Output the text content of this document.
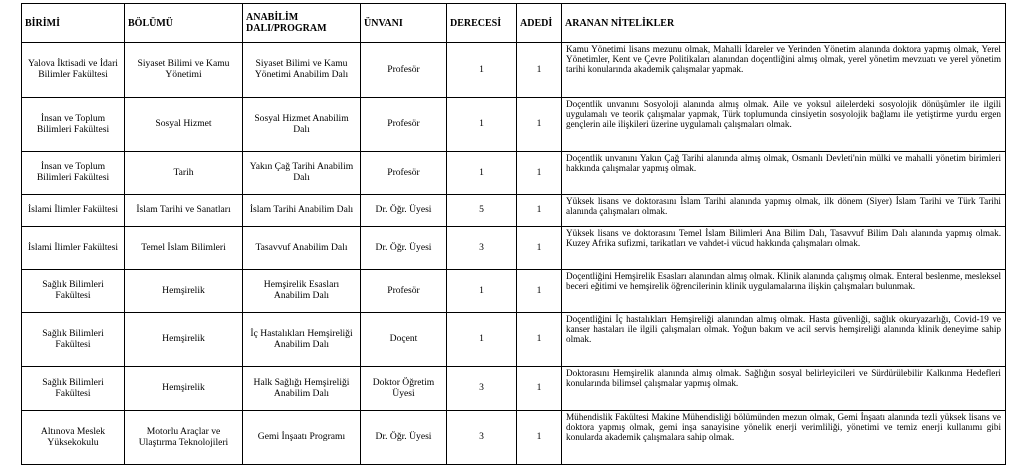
BİRİMİ	BÖLÜMÜ	ANABİLİM DALI/PROGRAM	ÜNVANI	DERECESİ	ADEDİ	ARANAN NİTELİKLER
Yalova İktisadi ve İdari Bilimler Fakültesi	Siyaset Bilimi ve Kamu Yönetimi	Siyaset Bilimi ve Kamu Yönetimi Anabilim Dalı	Profesör	1	1	Kamu Yönetimi lisans mezunu olmak, Mahalli İdareler ve Yerinden Yönetim alanında doktora yapmış olmak, Yerel Yönetimler, Kent ve Çevre Politikaları alanından doçentliğini almış olmak, yerel yönetim mevzuatı ve yerel yönetim tarihi konularında akademik çalışmalar yapmak.
İnsan ve Toplum Bilimleri Fakültesi	Sosyal Hizmet	Sosyal Hizmet Anabilim Dalı	Profesör	1	1	Doçentlik unvanını Sosyoloji alanında almış olmak. Aile ve yoksul ailelerdeki sosyolojik dönüşümler ile ilgili uygulamalı ve teorik çalışmalar yapmak, Türk toplumunda cinsiyetin sosyolojik bağlamı ile yetiştirme yurdu ergen gençlerin aile ilişkileri üzerine uygulamalı çalışmaları olmak.
İnsan ve Toplum Bilimleri Fakültesi	Tarih	Yakın Çağ Tarihi Anabilim Dalı	Profesör	1	1	Doçentlik unvanını Yakın Çağ Tarihi alanında almış olmak, Osmanlı Devleti'nin mülki ve mahalli yönetim birimleri hakkında çalışmalar yapmış olmak.
İslami İlimler Fakültesi	İslam Tarihi ve Sanatları	İslam Tarihi Anabilim Dalı	Dr. Öğr. Üyesi	5	1	Yüksek lisans ve doktorasını İslam Tarihi alanında yapmış olmak, ilk dönem (Siyer) İslam Tarihi ve Türk Tarihi alanında çalışmaları olmak.
İslami İlimler Fakültesi	Temel İslam Bilimleri	Tasavvuf Anabilim Dalı	Dr. Öğr. Üyesi	3	1	Yüksek lisans ve doktorasını Temel İslam Bilimleri Ana Bilim Dalı, Tasavvuf Bilim Dalı alanında yapmış olmak. Kuzey Afrika sufizmi, tarikatları ve vahdet-i vücud hakkında çalışmaları olmak.
Sağlık Bilimleri Fakültesi	Hemşirelik	Hemşirelik Esasları Anabilim Dalı	Profesör	1	1	Doçentliğini Hemşirelik Esasları alanından almış olmak. Klinik alanında çalışmış olmak. Enteral beslenme, mesleksel beceri eğitimi ve hemşirelik öğrencilerinin klinik uygulamalarına ilişkin çalışmaları bulunmak.
Sağlık Bilimleri Fakültesi	Hemşirelik	İç Hastalıkları Hemşireliği Anabilim Dalı	Doçent	1	1	Doçentliğini İç hastalıkları Hemşireliği alanından almış olmak. Hasta güvenliği, sağlık okuryazarlığı, Covid-19 ve kanser hastaları ile ilgili çalışmaları olmak. Yoğun bakım ve acil servis hemşireliği alanında klinik deneyime sahip olmak.
Sağlık Bilimleri Fakültesi	Hemşirelik	Halk Sağlığı Hemşireliği Anabilim Dalı	Doktor Öğretim Üyesi	3	1	Doktorasını Hemşirelik alanında almış olmak. Sağlığın sosyal belirleyicileri ve Sürdürülebilir Kalkınma Hedefleri konularında bilimsel çalışmalar yapmış olmak.
Altınova Meslek Yüksekokulu	Motorlu Araçlar ve Ulaştırma Teknolojileri	Gemi İnşaatı Programı	Dr. Öğr. Üyesi	3	1	Mühendislik Fakültesi Makine Mühendisliği bölümünden mezun olmak, Gemi İnşaatı alanında tezli yüksek lisans ve doktora yapmış olmak, gemi inşa sanayisine yönelik enerji verimliliği, yönetimi ve temiz enerji kullanımı gibi konularda akademik çalışmalara sahip olmak.
